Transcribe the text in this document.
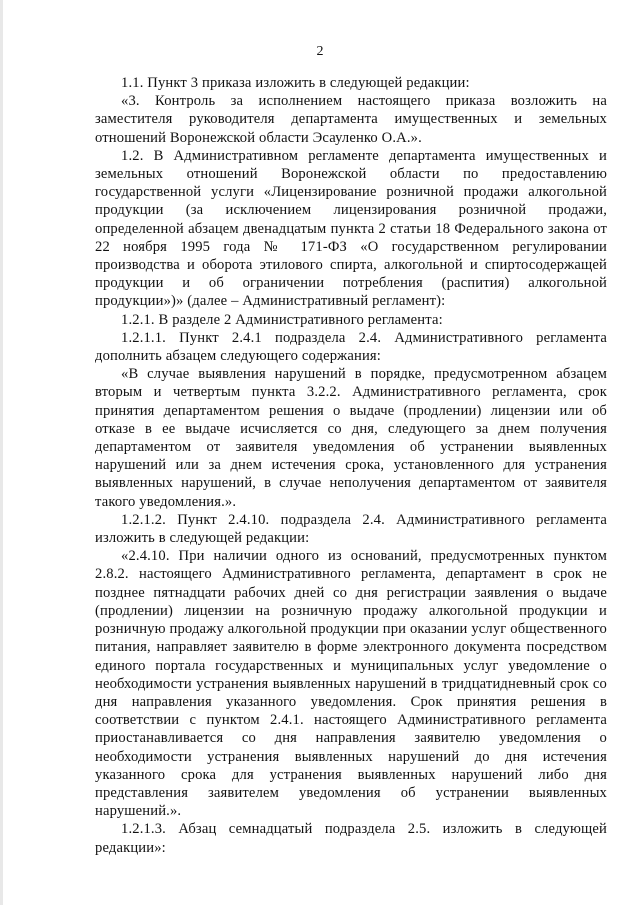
2

1.1. Пункт 3 приказа изложить в следующей редакции:

«3. Контроль за исполнением настоящего приказа возложить на заместителя руководителя департамента имущественных и земельных отношений Воронежской области Эсауленко О.А.».

1.2. В Административном регламенте департамента имущественных и земельных отношений Воронежской области по предоставлению государственной услуги «Лицензирование розничной продажи алкогольной продукции (за исключением лицензирования розничной продажи, определенной абзацем двенадцатым пункта 2 статьи 18 Федерального закона от 22 ноября 1995 года № 171-ФЗ «О государственном регулировании производства и оборота этилового спирта, алкогольной и спиртосодержащей продукции и об ограничении потребления (распития) алкогольной продукции»)» (далее – Административный регламент):

1.2.1. В разделе 2 Административного регламента:

1.2.1.1. Пункт 2.4.1 подраздела 2.4. Административного регламента дополнить абзацем следующего содержания:

«В случае выявления нарушений в порядке, предусмотренном абзацем вторым и четвертым пункта 3.2.2. Административного регламента, срок принятия департаментом решения о выдаче (продлении) лицензии или об отказе в ее выдаче исчисляется со дня, следующего за днем получения департаментом от заявителя уведомления об устранении выявленных нарушений или за днем истечения срока, установленного для устранения выявленных нарушений, в случае неполучения департаментом от заявителя такого уведомления.».

1.2.1.2. Пункт 2.4.10. подраздела 2.4. Административного регламента изложить в следующей редакции:

«2.4.10. При наличии одного из оснований, предусмотренных пунктом 2.8.2. настоящего Административного регламента, департамент в срок не позднее пятнадцати рабочих дней со дня регистрации заявления о выдаче (продлении) лицензии на розничную продажу алкогольной продукции и розничную продажу алкогольной продукции при оказании услуг общественного питания, направляет заявителю в форме электронного документа посредством единого портала государственных и муниципальных услуг уведомление о необходимости устранения выявленных нарушений в тридцатидневный срок со дня направления указанного уведомления. Срок принятия решения в соответствии с пунктом 2.4.1. настоящего Административного регламента приостанавливается со дня направления заявителю уведомления о необходимости устранения выявленных нарушений до дня истечения указанного срока для устранения выявленных нарушений либо дня представления заявителем уведомления об устранении выявленных нарушений.».

1.2.1.3. Абзац семнадцатый подраздела 2.5. изложить в следующей редакции»:
